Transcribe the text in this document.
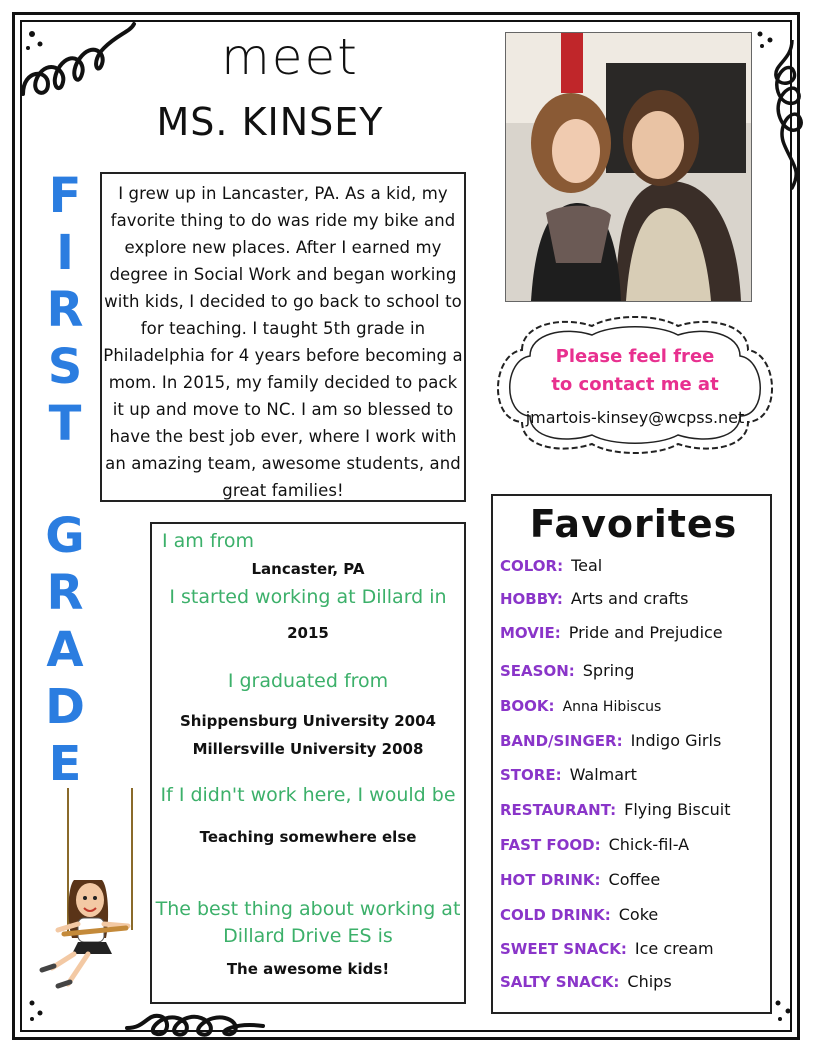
meet
MS. KINSEY
F
I
R
S
T
G
R
A
D
E

I grew up in Lancaster, PA. As a kid, my favorite thing to do was ride my bike and explore new places. After I earned my degree in Social Work and began working with kids, I decided to go back to school to for teaching. I taught 5th grade in Philadelphia for 4 years before becoming a mom. In 2015, my family decided to pack it up and move to NC. I am so blessed to have the best job ever, where I work with an amazing team, awesome students, and great families!

Please feel free
to contact me at
jmartois-kinsey@wcpss.net
I am from
Lancaster, PA
I started working at Dillard in
2015
I graduated from
Shippensburg University 2004
Millersville University 2008
If I didn't work here, I would be
Teaching somewhere else
The best thing about working at
Dillard Drive ES is
The awesome kids!
Favorites
COLOR: Teal
HOBBY: Arts and crafts
MOVIE: Pride and Prejudice
SEASON: Spring
BOOK: Anna Hibiscus
BAND/SINGER: Indigo Girls
STORE: Walmart
RESTAURANT: Flying Biscuit
FAST FOOD: Chick-fil-A
HOT DRINK: Coffee
COLD DRINK: Coke
SWEET SNACK: Ice cream
SALTY SNACK: Chips
